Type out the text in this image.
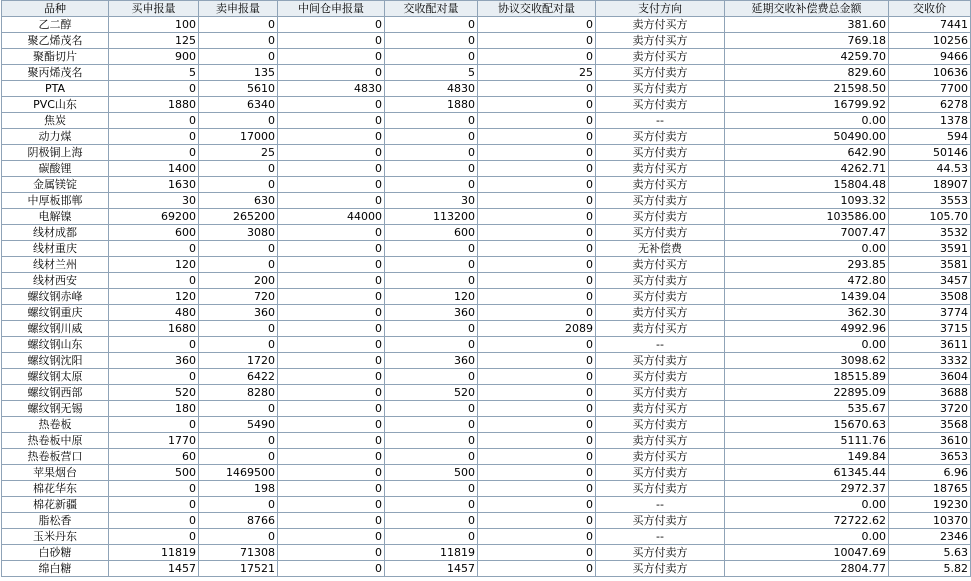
品种	买申报量	卖申报量	中间仓申报量	交收配对量	协议交收配对量	支付方向	延期交收补偿费总金额	交收价
乙二醇	100	0	0	0	0	卖方付买方	381.60	7441
聚乙烯茂名	125	0	0	0	0	卖方付买方	769.18	10256
聚酯切片	900	0	0	0	0	卖方付买方	4259.70	9466
聚丙烯茂名	5	135	0	5	25	买方付卖方	829.60	10636
PTA	0	5610	4830	4830	0	买方付卖方	21598.50	7700
PVC山东	1880	6340	0	1880	0	买方付卖方	16799.92	6278
焦炭	0	0	0	0	0	--	0.00	1378
动力煤	0	17000	0	0	0	买方付卖方	50490.00	594
阴极铜上海	0	25	0	0	0	买方付卖方	642.90	50146
碳酸锂	1400	0	0	0	0	卖方付买方	4262.71	44.53
金属镁锭	1630	0	0	0	0	卖方付买方	15804.48	18907
中厚板邯郸	30	630	0	30	0	买方付卖方	1093.32	3553
电解镍	69200	265200	44000	113200	0	买方付卖方	103586.00	105.70
线材成都	600	3080	0	600	0	买方付卖方	7007.47	3532
线材重庆	0	0	0	0	0	无补偿费	0.00	3591
线材兰州	120	0	0	0	0	卖方付买方	293.85	3581
线材西安	0	200	0	0	0	买方付卖方	472.80	3457
螺纹钢赤峰	120	720	0	120	0	买方付卖方	1439.04	3508
螺纹钢重庆	480	360	0	360	0	卖方付买方	362.30	3774
螺纹钢川威	1680	0	0	0	2089	卖方付买方	4992.96	3715
螺纹钢山东	0	0	0	0	0	--	0.00	3611
螺纹钢沈阳	360	1720	0	360	0	买方付卖方	3098.62	3332
螺纹钢太原	0	6422	0	0	0	买方付卖方	18515.89	3604
螺纹钢西部	520	8280	0	520	0	买方付卖方	22895.09	3688
螺纹钢无锡	180	0	0	0	0	卖方付买方	535.67	3720
热卷板	0	5490	0	0	0	买方付卖方	15670.63	3568
热卷板中原	1770	0	0	0	0	卖方付买方	5111.76	3610
热卷板营口	60	0	0	0	0	卖方付买方	149.84	3653
苹果烟台	500	1469500	0	500	0	买方付卖方	61345.44	6.96
棉花华东	0	198	0	0	0	买方付卖方	2972.37	18765
棉花新疆	0	0	0	0	0	--	0.00	19230
脂松香	0	8766	0	0	0	买方付卖方	72722.62	10370
玉米丹东	0	0	0	0	0	--	0.00	2346
白砂糖	11819	71308	0	11819	0	买方付卖方	10047.69	5.63
绵白糖	1457	17521	0	1457	0	买方付卖方	2804.77	5.82
